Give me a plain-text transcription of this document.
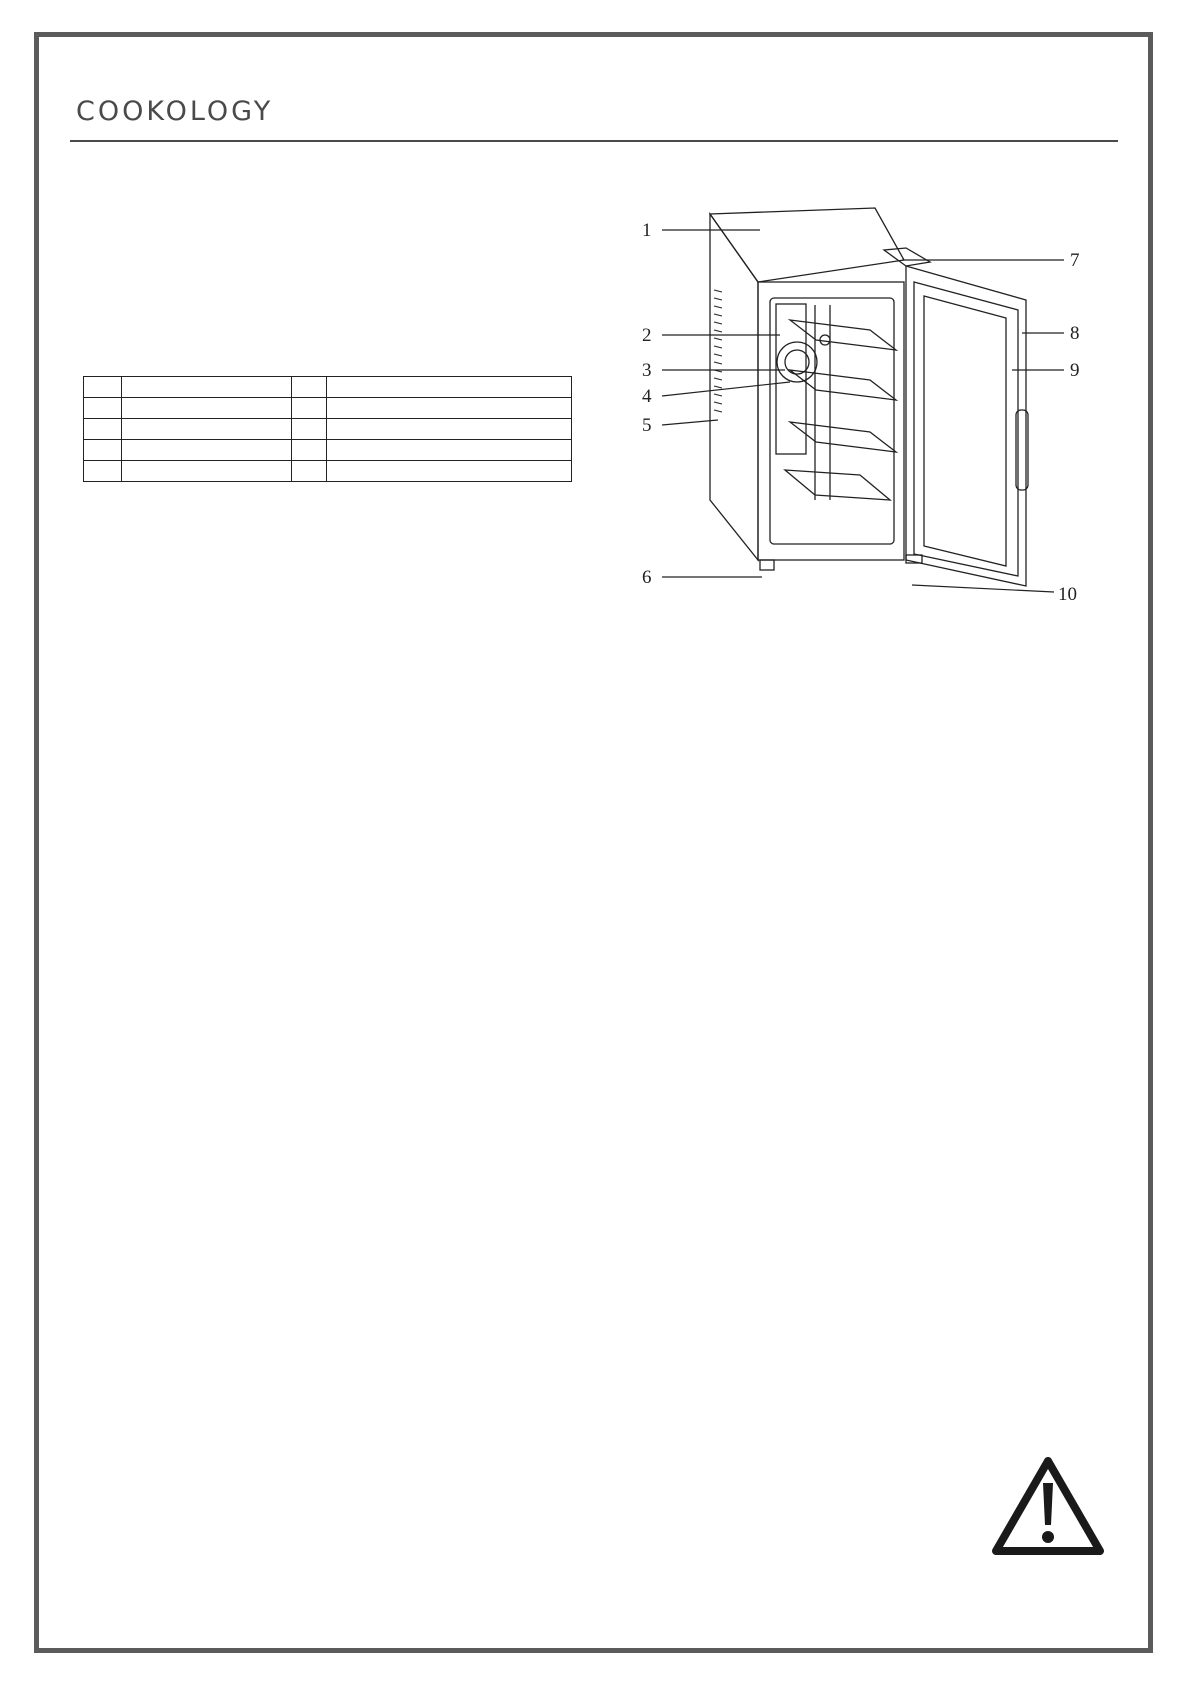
COOKOLOGY

1
2
3
4
5
6
7
8
9
10
